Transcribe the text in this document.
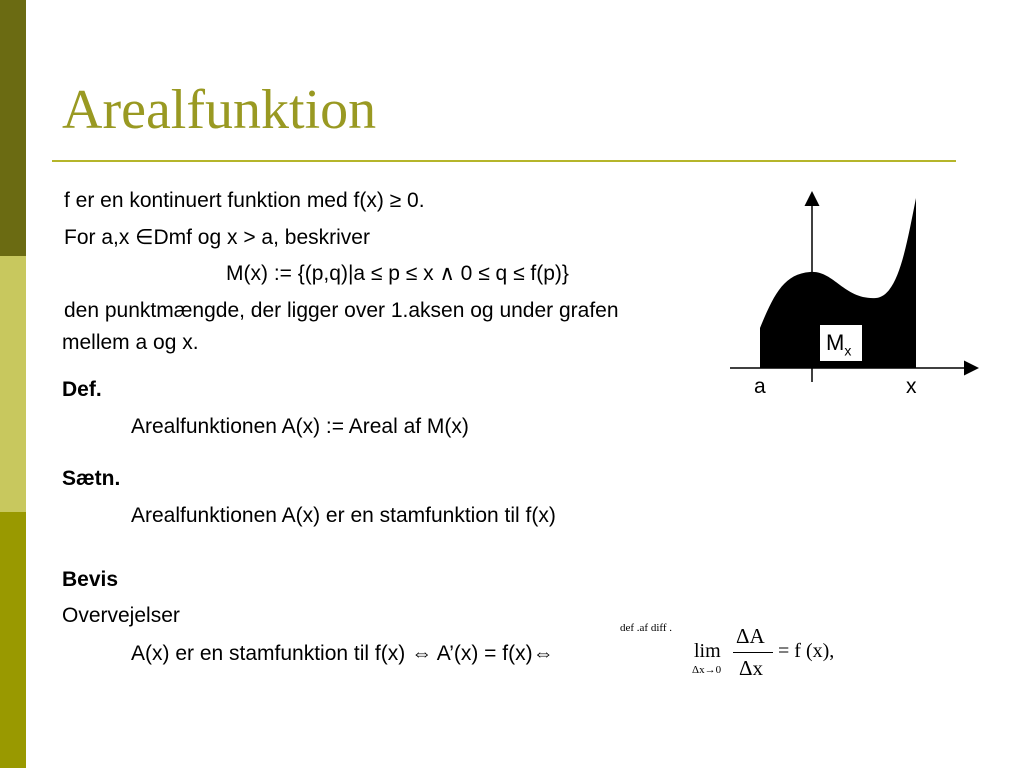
Arealfunktion
f er en kontinuert funktion med f(x) ≥ 0.
For a,x ∈Dmf og x > a, beskriver
M(x) := {(p,q)|a ≤ p ≤ x ∧ 0 ≤ q ≤ f(p)}
den punktmængde, der ligger over 1.aksen og under grafen
mellem a og x.
Def.
Arealfunktionen A(x) := Areal af M(x)
Sætn.
Arealfunktionen A(x) er en stamfunktion til f(x)
Bevis
Overvejelser
A(x) er en stamfunktion til f(x) ⇔ A’(x) = f(x)⇔
$M_x$
a	x
def .af diff .
lim
Δx→0
ΔA
Δx
= f (x),
